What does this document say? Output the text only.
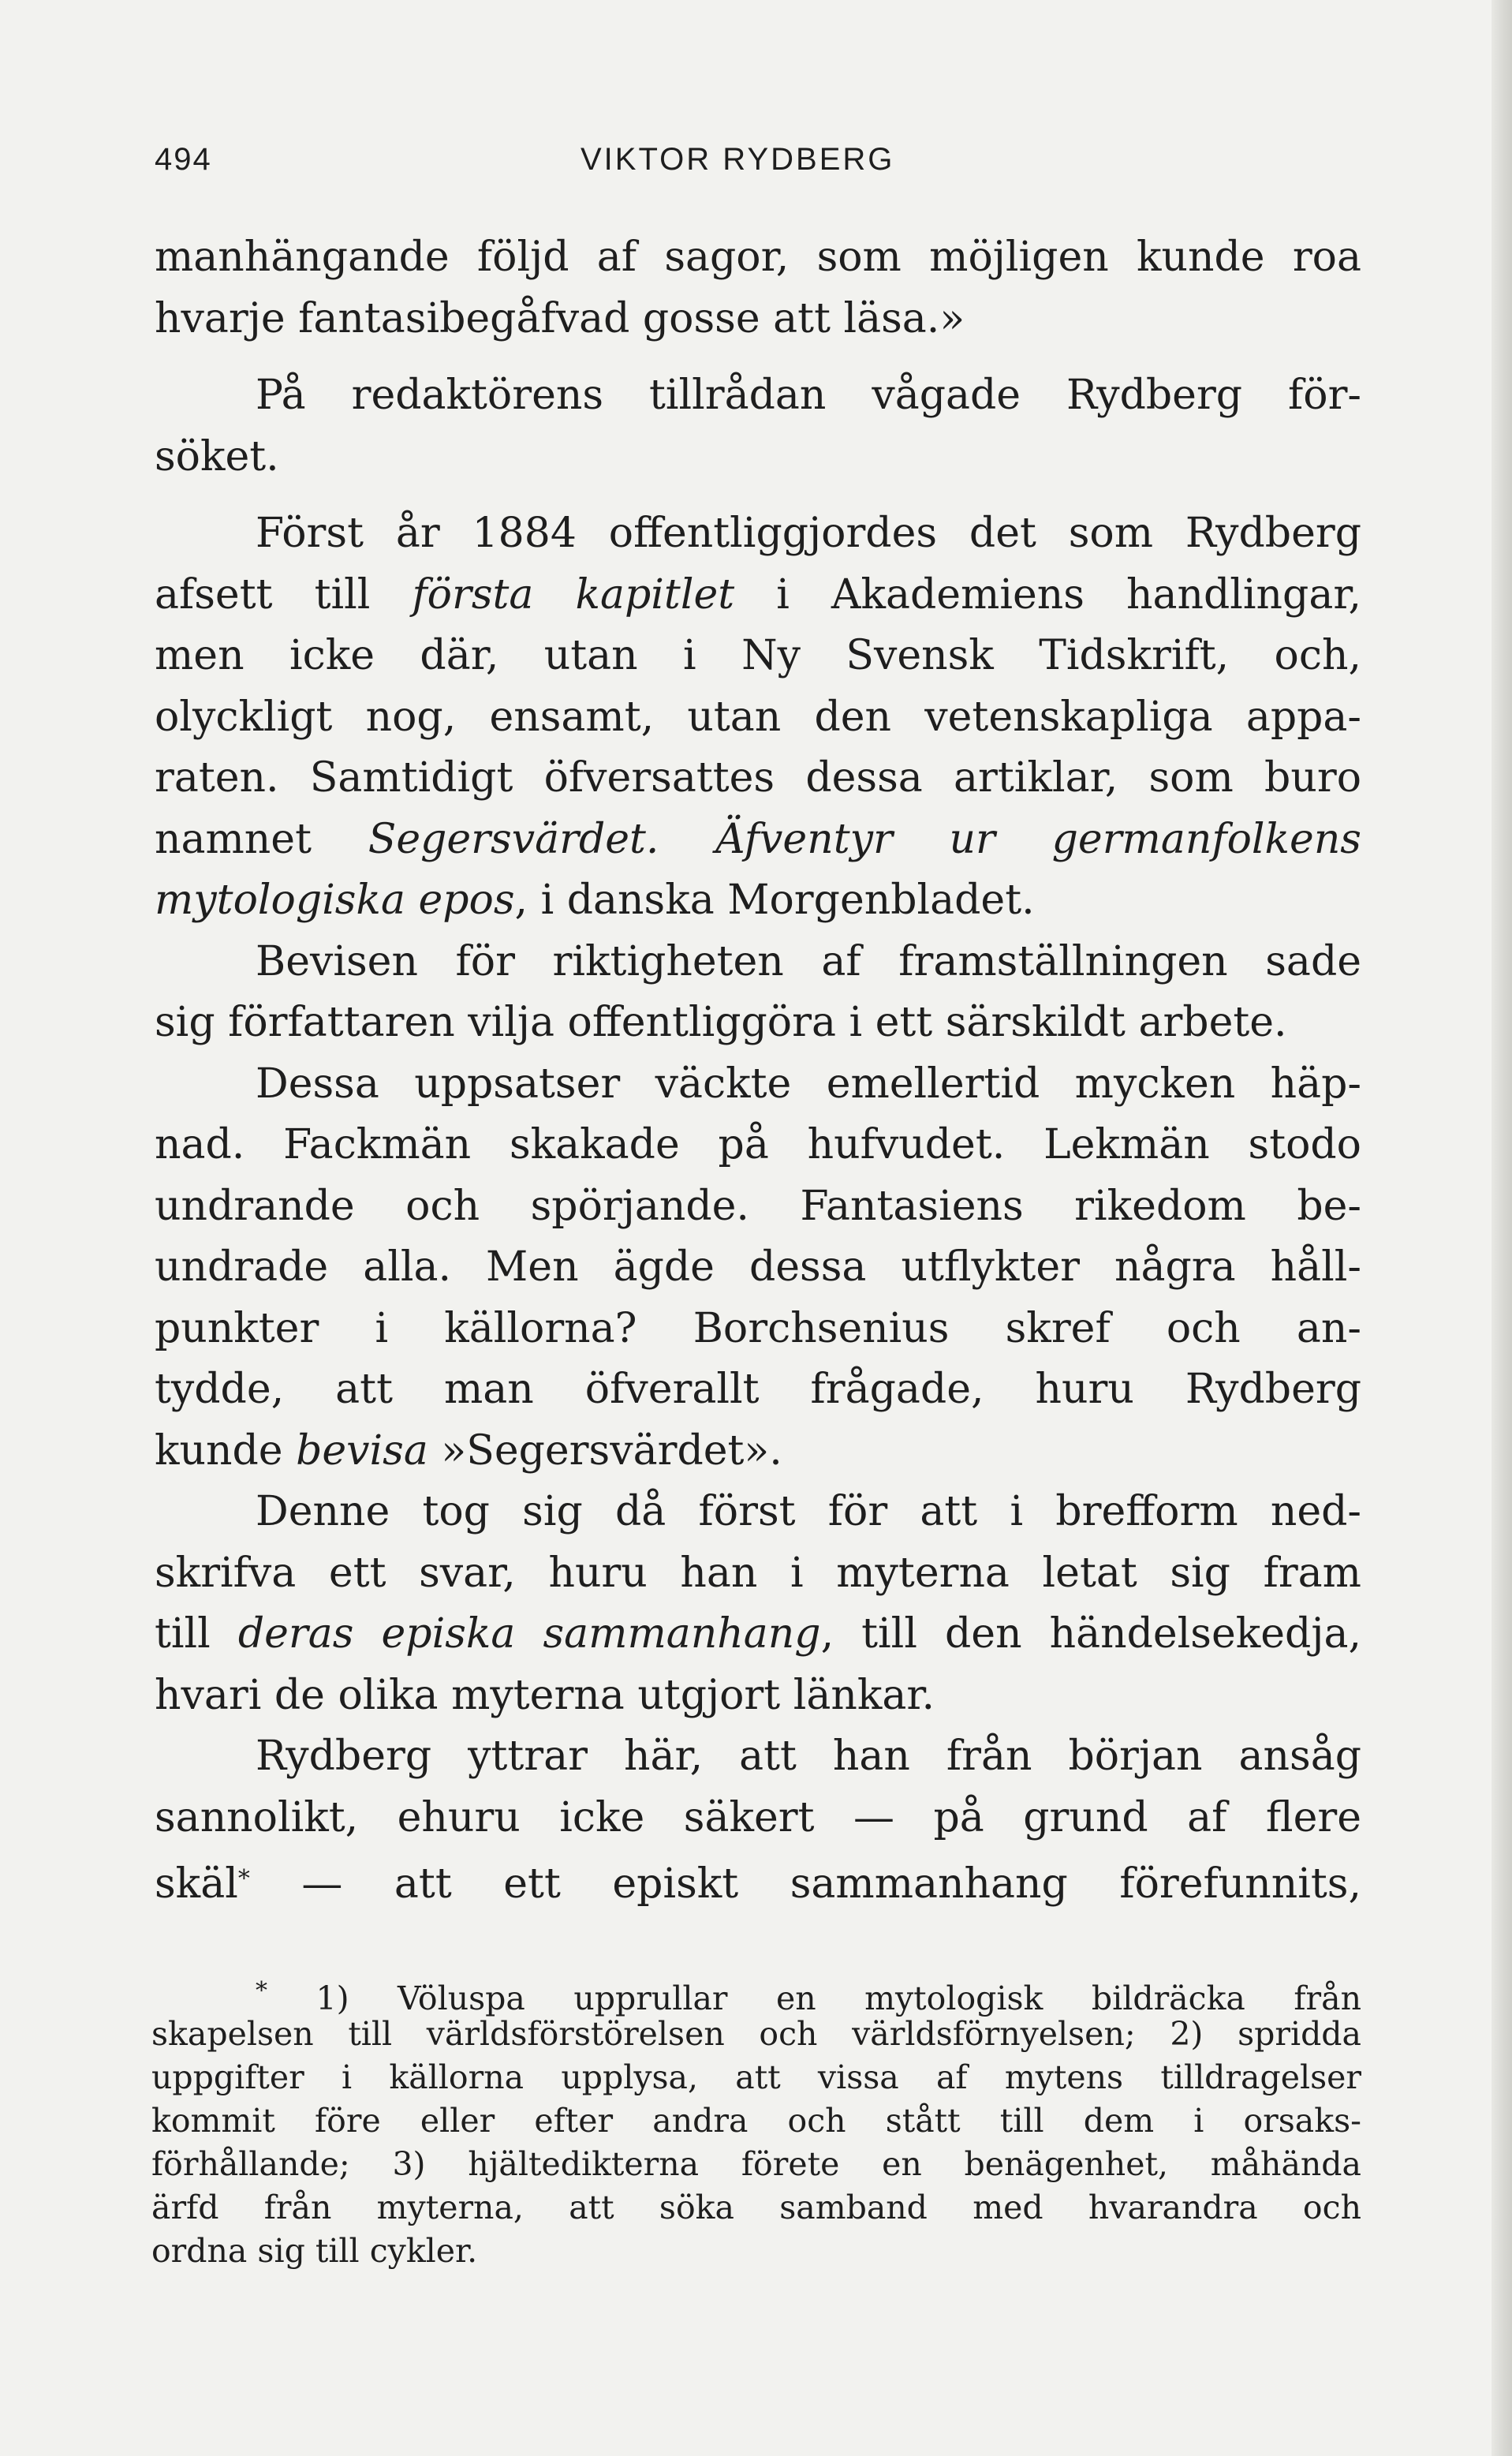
494	VIKTOR RYDBERG
manhängande följd af sagor, som möjligen kunde roa
hvarje fantasibegåfvad gosse att läsa.»
På redaktörens tillrådan vågade Rydberg för-
söket.
Först år 1884 offentliggjordes det som Rydberg
afsett till första kapitlet i Akademiens handlingar,
men icke där, utan i Ny Svensk Tidskrift, och,
olyckligt nog, ensamt, utan den vetenskapliga appa-
raten. Samtidigt öfversattes dessa artiklar, som buro
namnet Segersvärdet. Äfventyr ur germanfolkens
mytologiska epos, i danska Morgenbladet.
Bevisen för riktigheten af framställningen sade
sig författaren vilja offentliggöra i ett särskildt arbete.
Dessa uppsatser väckte emellertid mycken häp-
nad. Fackmän skakade på hufvudet. Lekmän stodo
undrande och spörjande. Fantasiens rikedom be-
undrade alla. Men ägde dessa utflykter några håll-
punkter i källorna? Borchsenius skref och an-
tydde, att man öfverallt frågade, huru Rydberg
kunde bevisa »Segersvärdet».
Denne tog sig då först för att i brefform ned-
skrifva ett svar, huru han i myterna letat sig fram
till deras episka sammanhang, till den händelsekedja,
hvari de olika myterna utgjort länkar.
Rydberg yttrar här, att han från början ansåg
sannolikt, ehuru icke säkert — på grund af flere
skäl* — att ett episkt sammanhang förefunnits,
* 1) Völuspa upprullar en mytologisk bildräcka från
skapelsen till världsförstörelsen och världsförnyelsen; 2) spridda
uppgifter i källorna upplysa, att vissa af mytens tilldragelser
kommit före eller efter andra och stått till dem i orsaks-
förhållande; 3) hjältedikterna förete en benägenhet, måhända
ärfd från myterna, att söka samband med hvarandra och
ordna sig till cykler.
